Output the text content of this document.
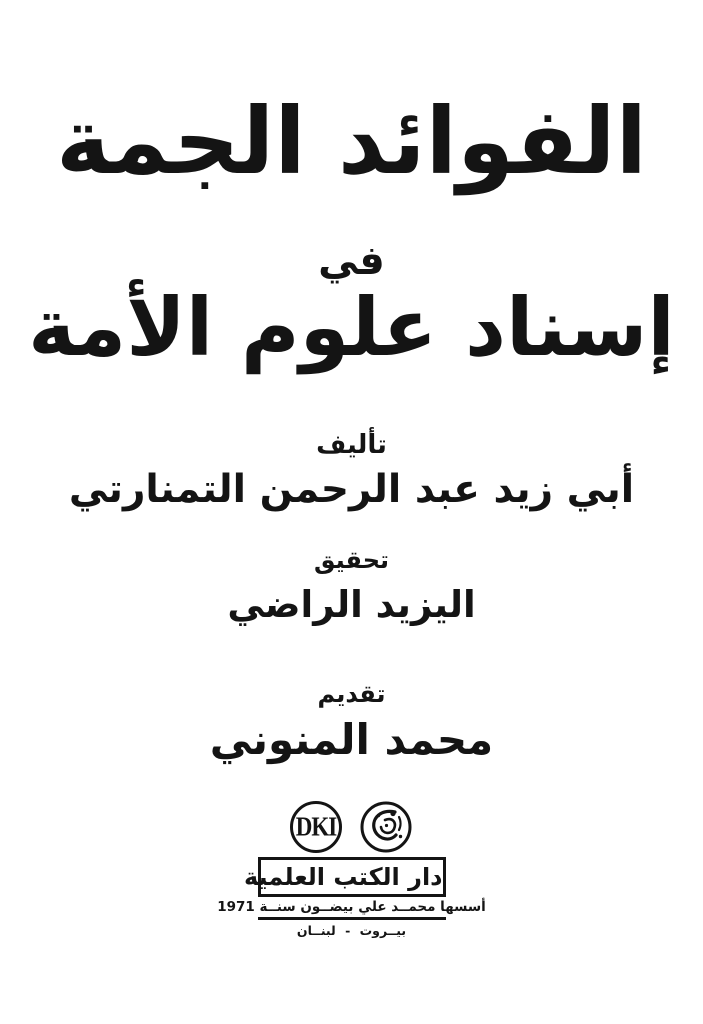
الفوائد الجمة
في
إسناد علوم الأمة
تأليف
أبي زيد عبد الرحمن التمنارتي
تحقيق
اليزيد الراضي
تقديم
محمد المنوني
DKI
دار الكتب العلمية
أسسها محمــد علي بيضــون سنــة 1971
بيــروت - لبنــان
